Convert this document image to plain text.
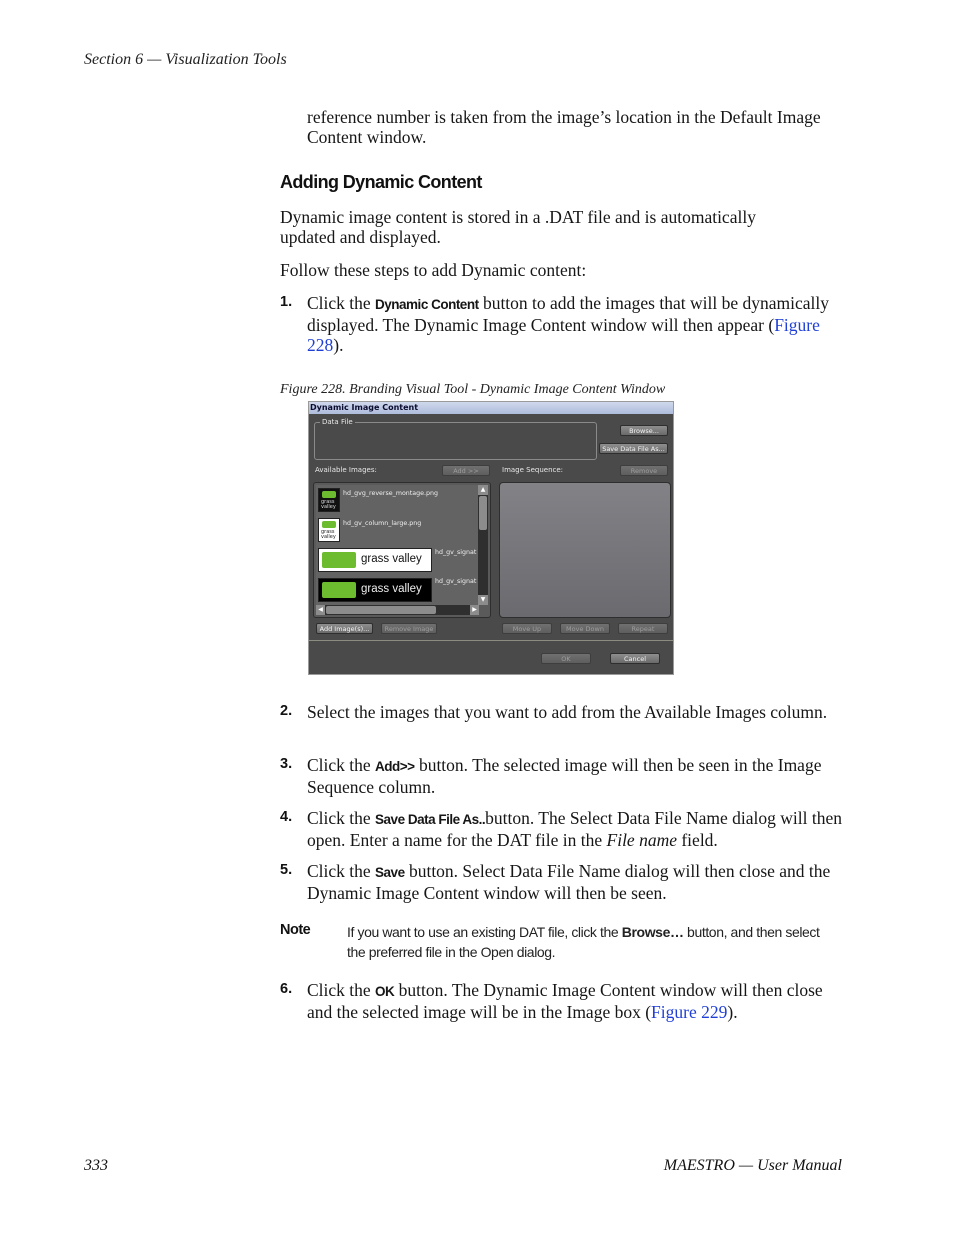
Section 6 — Visualization Tools
reference number is taken from the image’s location in the Default Image Content window.
Adding Dynamic Content
Dynamic image content is stored in a .DAT file and is automatically updated and displayed.
Follow these steps to add Dynamic content:
1. Click the Dynamic Content button to add the images that will be dynamically displayed. The Dynamic Image Content window will then appear (Figure 228).
Figure 228. Branding Visual Tool - Dynamic Image Content Window
Dynamic Image Content
Data File
Browse...
Save Data File As...
Available Images:	Add >>	Image Sequence:	Remove
grass
valley
hd_gvg_reverse_montage.png
grass
valley
hd_gv_column_large.png
grass valley
hd_gv_signat
grass valley
hd_gv_signat
▲
▼
◀	▶
Add Image(s)...	Remove Image	Move Up	Move Down	Repeat
OK	Cancel
2. Select the images that you want to add from the Available Images column.
3. Click the Add>> button. The selected image will then be seen in the Image Sequence column.
4. Click the Save Data File As..button. The Select Data File Name dialog will then open. Enter a name for the DAT file in the File name field.
5. Click the Save button. Select Data File Name dialog will then close and the Dynamic Image Content window will then be seen.
Note	If you want to use an existing DAT file, click the Browse… button, and then select the preferred file in the Open dialog.
6. Click the OK button. The Dynamic Image Content window will then close and the selected image will be in the Image box (Figure 229).
333	MAESTRO — User Manual
